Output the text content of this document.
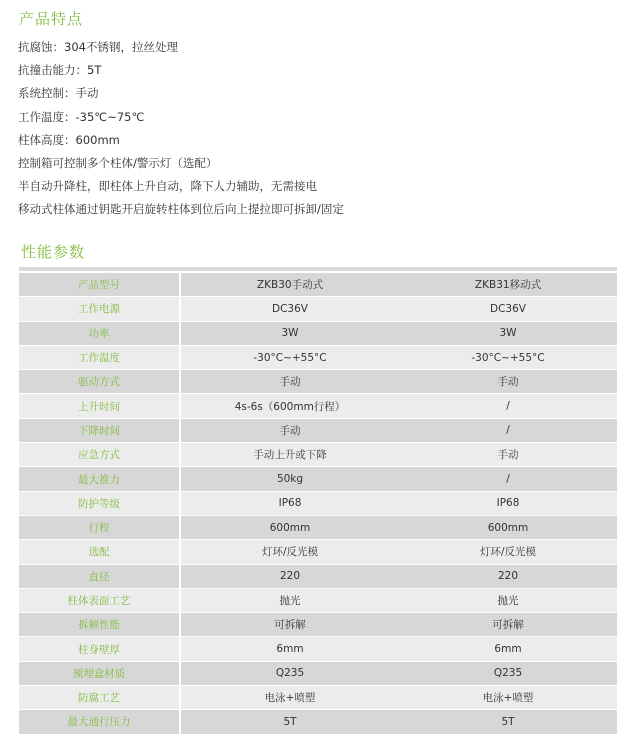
产品特点
抗腐蚀：304不锈钢，拉丝处理
抗撞击能力：5T
系统控制：手动
工作温度：-35℃~75℃
柱体高度：600mm
控制箱可控制多个柱体/警示灯（选配）
半自动升降柱，即柱体上升自动，降下人力辅助，无需接电
移动式柱体通过钥匙开启旋转柱体到位后向上提拉即可拆卸/固定
性能参数
产品型号	ZKB30手动式	ZKB31移动式
工作电源	DC36V	DC36V
功率	3W	3W
工作温度	-30°C~+55°C	-30°C~+55°C
驱动方式	手动	手动
上升时间	4s-6s（600mm行程）	/
下降时间	手动	/
应急方式	手动上升或下降	手动
最大推力	50kg	/
防护等级	IP68	IP68
行程	600mm	600mm
选配	灯环/反光模	灯环/反光模
直径	220	220
柱体表面工艺	抛光	抛光
拆解性能	可拆解	可拆解
柱身壁厚	6mm	6mm
预埋盒材质	Q235	Q235
防腐工艺	电泳+喷塑	电泳+喷塑
最大通行压力	5T	5T
